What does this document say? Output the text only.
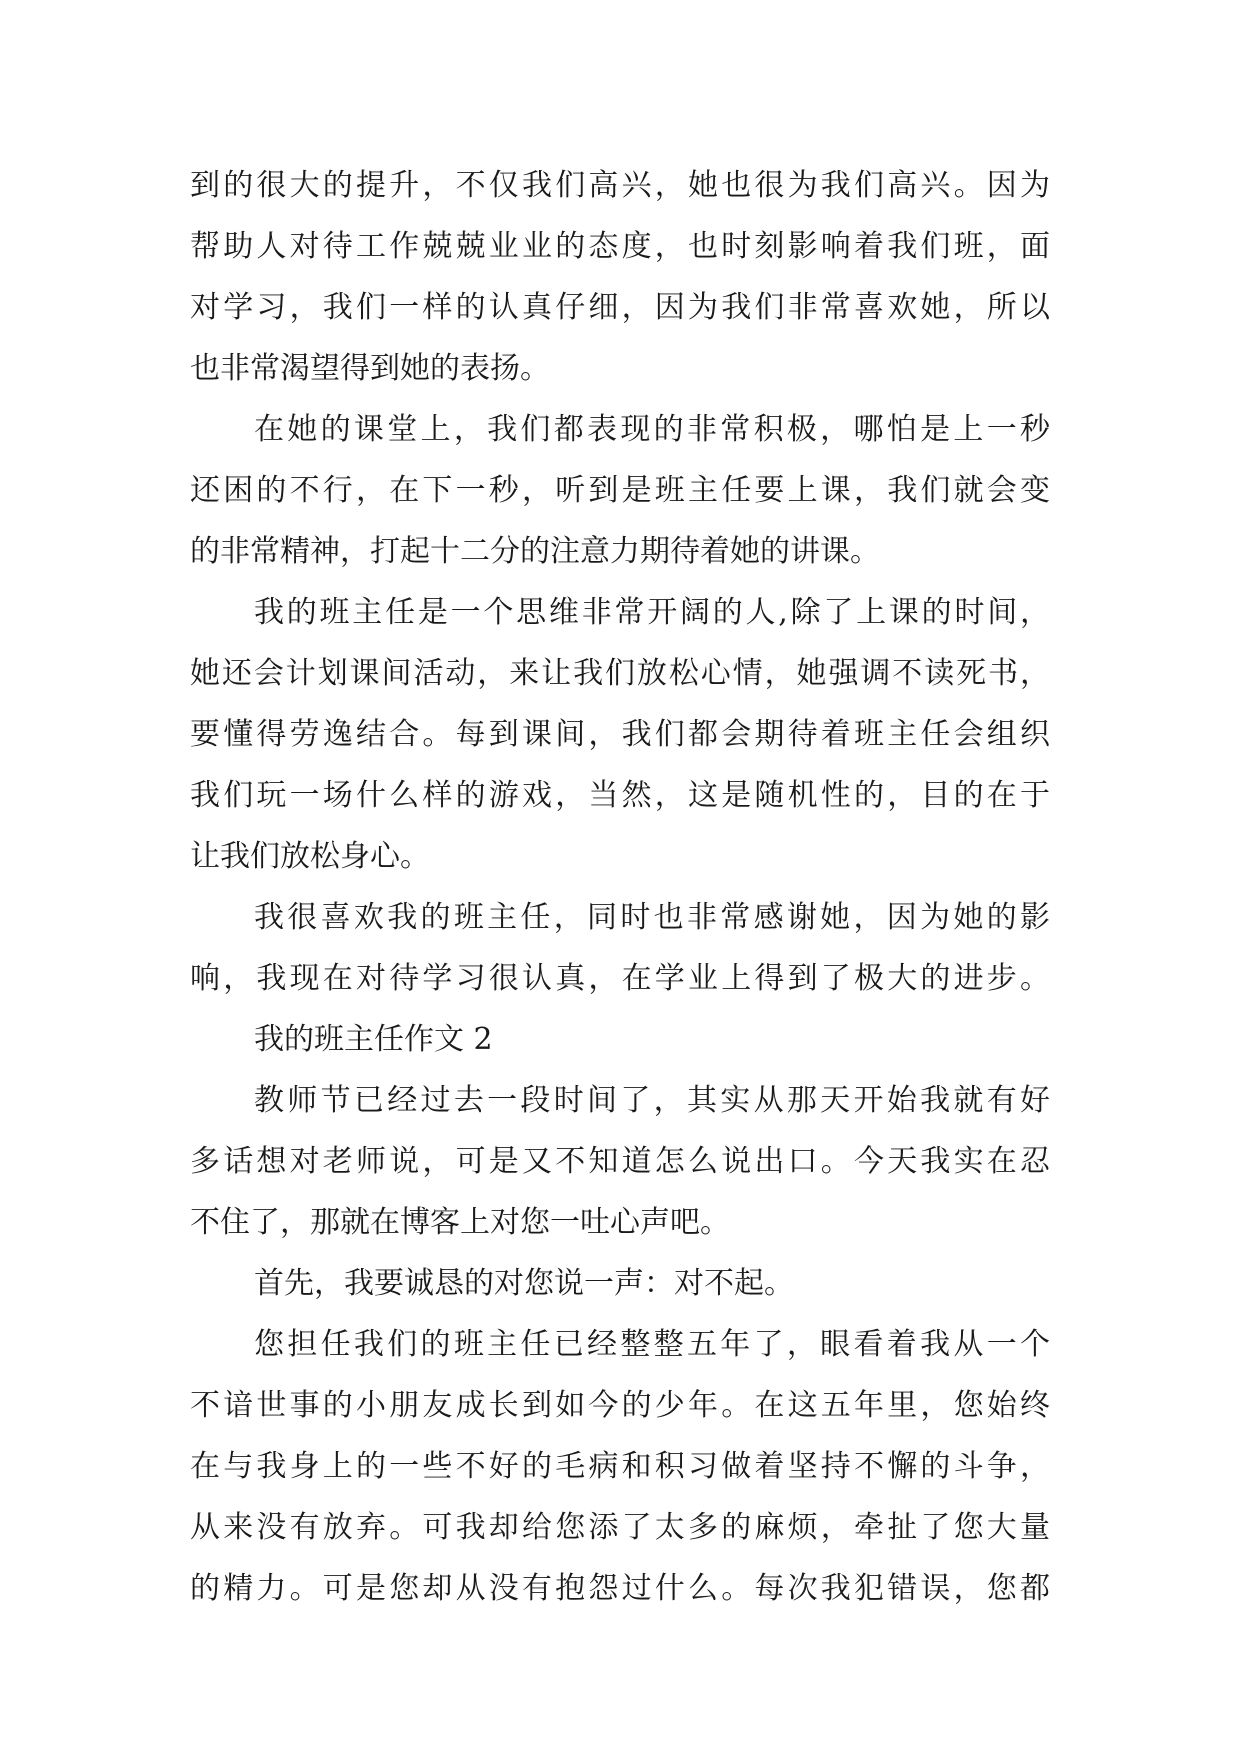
到的很大的提升，不仅我们高兴，她也很为我们高兴。因为
帮助人对待工作兢兢业业的态度，也时刻影响着我们班，面
对学习，我们一样的认真仔细，因为我们非常喜欢她，所以
也非常渴望得到她的表扬。
在她的课堂上，我们都表现的非常积极，哪怕是上一秒
还困的不行，在下一秒，听到是班主任要上课，我们就会变
的非常精神，打起十二分的注意力期待着她的讲课。
我的班主任是一个思维非常开阔的人,除了上课的时间，
她还会计划课间活动，来让我们放松心情，她强调不读死书，
要懂得劳逸结合。每到课间，我们都会期待着班主任会组织
我们玩一场什么样的游戏，当然，这是随机性的，目的在于
让我们放松身心。
我很喜欢我的班主任，同时也非常感谢她，因为她的影
响，我现在对待学习很认真，在学业上得到了极大的进步。
我的班主任作文 2
教师节已经过去一段时间了，其实从那天开始我就有好
多话想对老师说，可是又不知道怎么说出口。今天我实在忍
不住了，那就在博客上对您一吐心声吧。
首先，我要诚恳的对您说一声：对不起。
您担任我们的班主任已经整整五年了，眼看着我从一个
不谙世事的小朋友成长到如今的少年。在这五年里，您始终
在与我身上的一些不好的毛病和积习做着坚持不懈的斗争，
从来没有放弃。可我却给您添了太多的麻烦，牵扯了您大量
的精力。可是您却从没有抱怨过什么。每次我犯错误，您都
